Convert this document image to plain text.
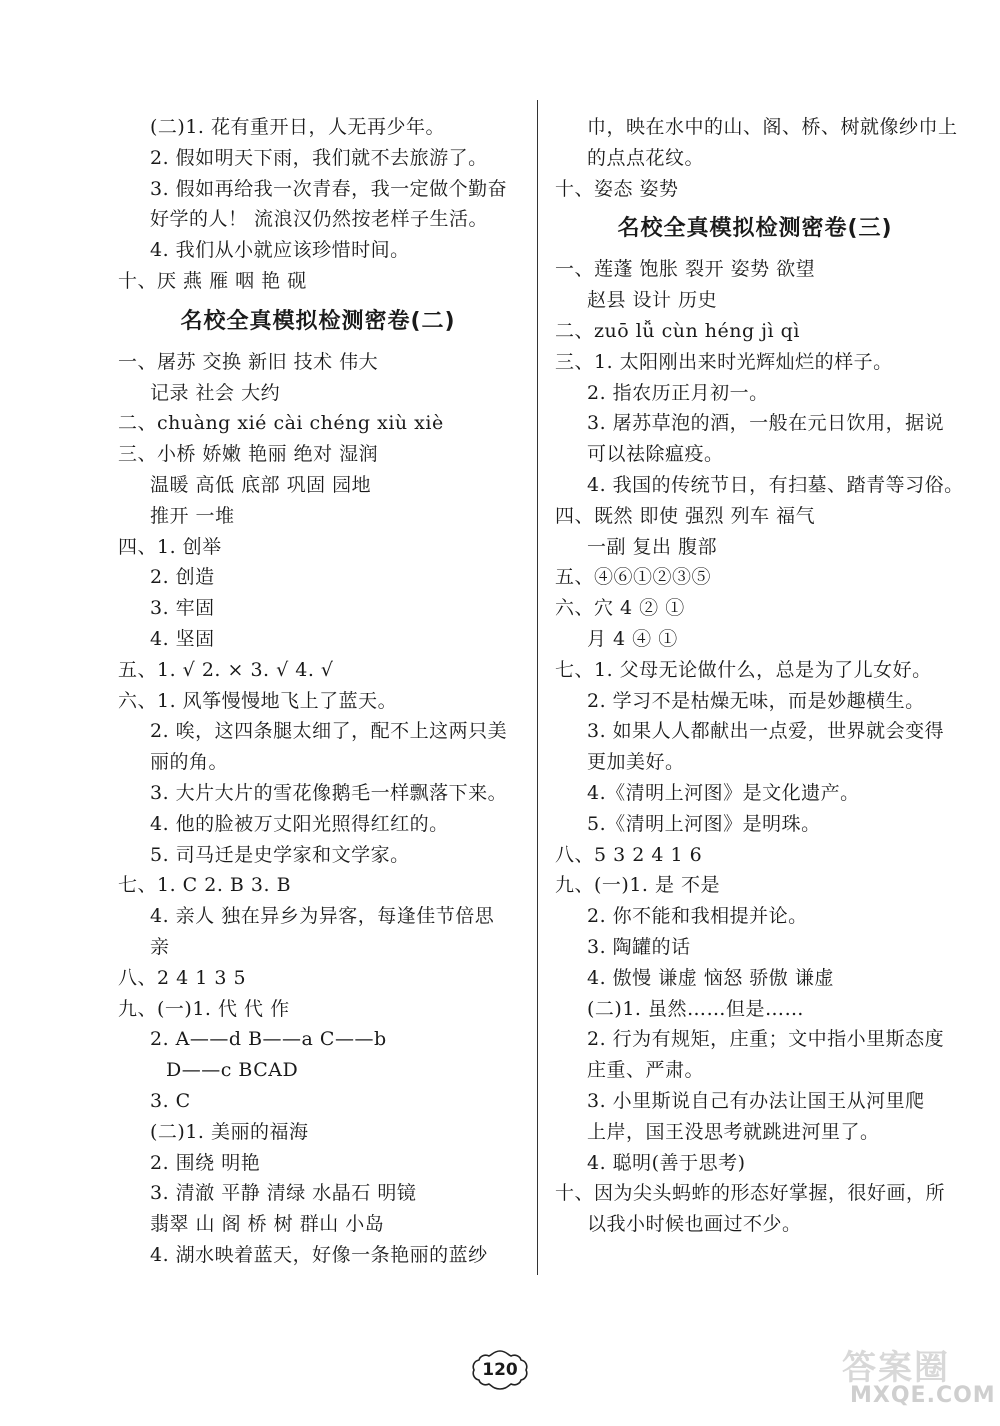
(二)1. 花有重开日，人无再少年。
2. 假如明天下雨，我们就不去旅游了。
3. 假如再给我一次青春，我一定做个勤奋
好学的人！ 流浪汉仍然按老样子生活。
4. 我们从小就应该珍惜时间。
十、厌 燕 雁 咽 艳 砚
名校全真模拟检测密卷(二)
一、屠苏 交换 新旧 技术 伟大
记录 社会 大约
二、chuàng xié cài chéng xiù xiè
三、小桥 娇嫩 艳丽 绝对 湿润
温暖 高低 底部 巩固 园地
推开 一堆
四、1. 创举
2. 创造
3. 牢固
4. 坚固
五、1. √ 2. × 3. √ 4. √
六、1. 风筝慢慢地飞上了蓝天。
2. 唉，这四条腿太细了，配不上这两只美
丽的角。
3. 大片大片的雪花像鹅毛一样飘落下来。
4. 他的脸被万丈阳光照得红红的。
5. 司马迁是史学家和文学家。
七、1. C 2. B 3. B
4. 亲人 独在异乡为异客，每逢佳节倍思
亲
八、2 4 1 3 5
九、(一)1. 代 代 作
2. A——d B——a C——b
D——c BCAD
3. C
(二)1. 美丽的福海
2. 围绕 明艳
3. 清澈 平静 清绿 水晶石 明镜
翡翠 山 阁 桥 树 群山 小岛
4. 湖水映着蓝天，好像一条艳丽的蓝纱
巾，映在水中的山、阁、桥、树就像纱巾上
的点点花纹。
十、姿态 姿势
名校全真模拟检测密卷(三)
一、莲蓬 饱胀 裂开 姿势 欲望
赵县 设计 历史
二、zuō lǚ cùn héng jì qì
三、1. 太阳刚出来时光辉灿烂的样子。
2. 指农历正月初一。
3. 屠苏草泡的酒，一般在元日饮用，据说
可以祛除瘟疫。
4. 我国的传统节日，有扫墓、踏青等习俗。
四、既然 即使 强烈 列车 福气
一副 复出 腹部
五、④⑥①②③⑤
六、穴 4 ② ①
月 4 ④ ①
七、1. 父母无论做什么，总是为了儿女好。
2. 学习不是枯燥无味，而是妙趣横生。
3. 如果人人都献出一点爱，世界就会变得
更加美好。
4.《清明上河图》是文化遗产。
5.《清明上河图》是明珠。
八、5 3 2 4 1 6
九、(一)1. 是 不是
2. 你不能和我相提并论。
3. 陶罐的话
4. 傲慢 谦虚 恼怒 骄傲 谦虚
(二)1. 虽然……但是……
2. 行为有规矩，庄重；文中指小里斯态度
庄重、严肃。
3. 小里斯说自己有办法让国王从河里爬
上岸，国王没思考就跳进河里了。
4. 聪明(善于思考)
十、因为尖头蚂蚱的形态好掌握，很好画，所
以我小时候也画过不少。
120	答案圈
MXQE.COM
